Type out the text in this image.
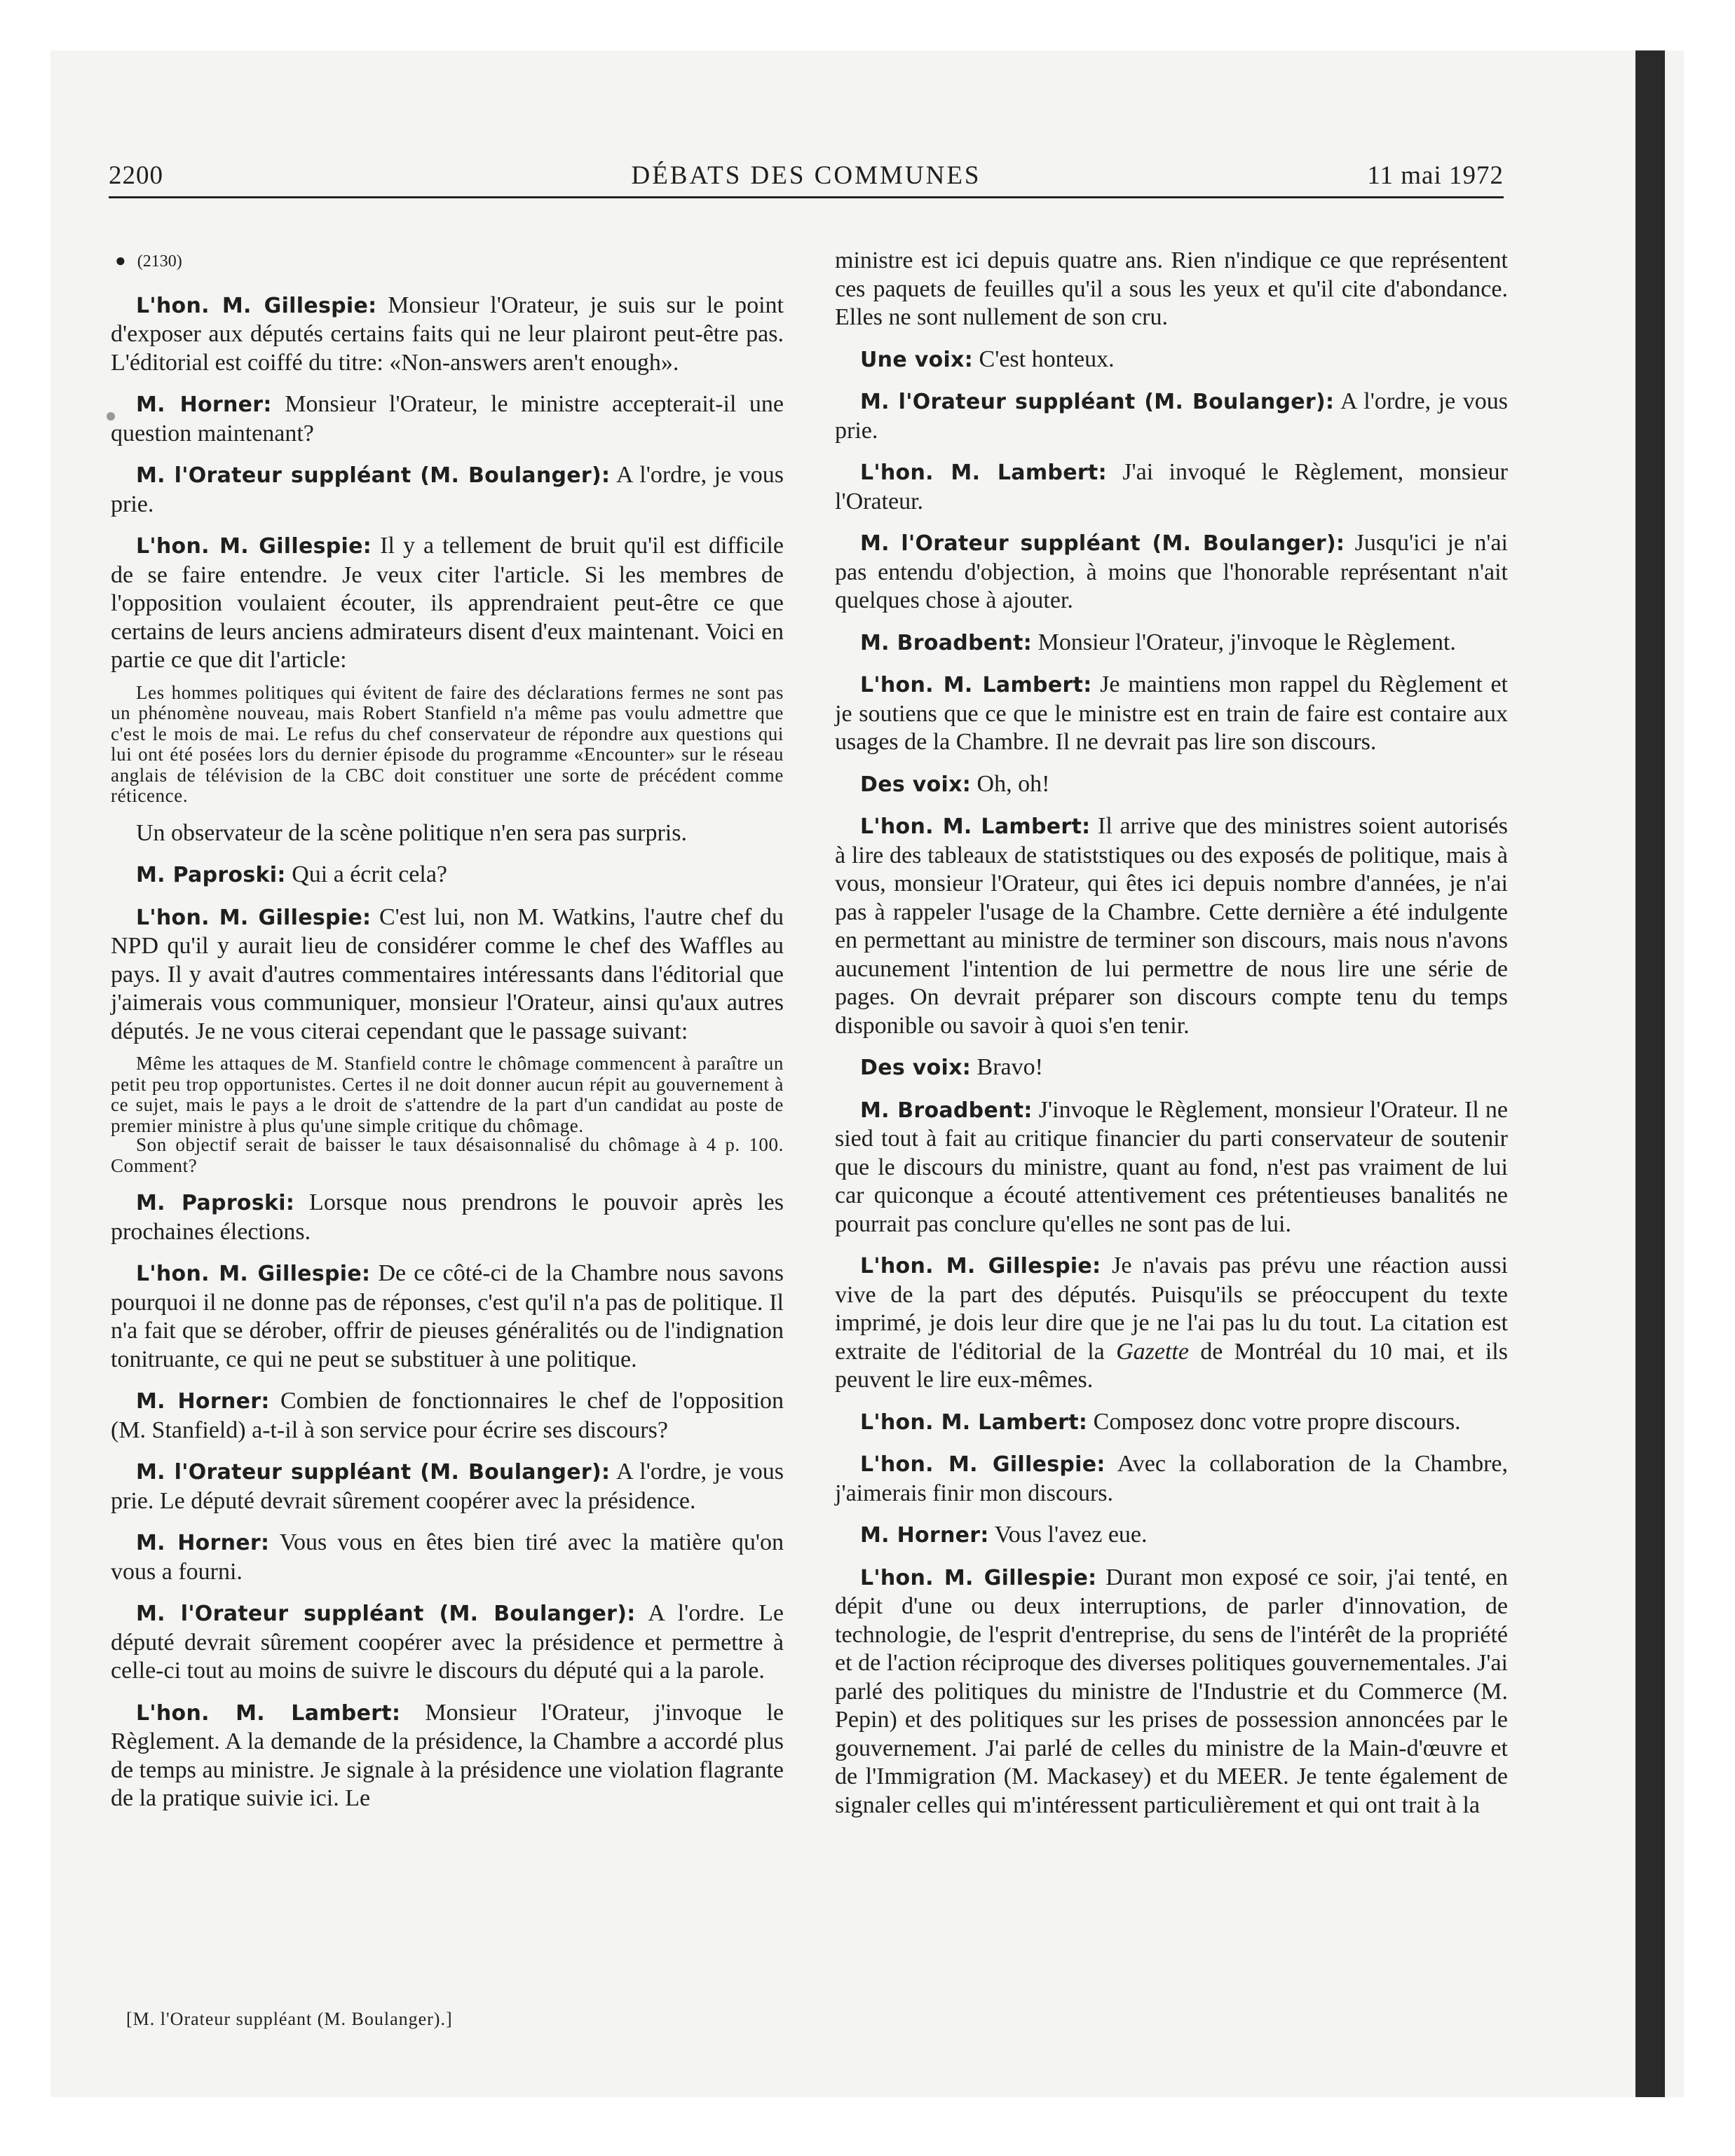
2200	DÉBATS DES COMMUNES	11 mai 1972

● (2130)

L'hon. M. Gillespie: Monsieur l'Orateur, je suis sur le point d'exposer aux députés certains faits qui ne leur plairont peut-être pas. L'éditorial est coiffé du titre: «Non-answers aren't enough».

M. Horner: Monsieur l'Orateur, le ministre accepterait-il une question maintenant?

M. l'Orateur suppléant (M. Boulanger): A l'ordre, je vous prie.

L'hon. M. Gillespie: Il y a tellement de bruit qu'il est difficile de se faire entendre. Je veux citer l'article. Si les membres de l'opposition voulaient écouter, ils apprendraient peut-être ce que certains de leurs anciens admirateurs disent d'eux maintenant. Voici en partie ce que dit l'article:

Les hommes politiques qui évitent de faire des déclarations fermes ne sont pas un phénomène nouveau, mais Robert Stanfield n'a même pas voulu admettre que c'est le mois de mai. Le refus du chef conservateur de répondre aux questions qui lui ont été posées lors du dernier épisode du programme «Encounter» sur le réseau anglais de télévision de la CBC doit constituer une sorte de précédent comme réticence.

Un observateur de la scène politique n'en sera pas surpris.

M. Paproski: Qui a écrit cela?

L'hon. M. Gillespie: C'est lui, non M. Watkins, l'autre chef du NPD qu'il y aurait lieu de considérer comme le chef des Waffles au pays. Il y avait d'autres commentaires intéressants dans l'éditorial que j'aimerais vous communiquer, monsieur l'Orateur, ainsi qu'aux autres députés. Je ne vous citerai cependant que le passage suivant:

Même les attaques de M. Stanfield contre le chômage commencent à paraître un petit peu trop opportunistes. Certes il ne doit donner aucun répit au gouvernement à ce sujet, mais le pays a le droit de s'attendre de la part d'un candidat au poste de premier ministre à plus qu'une simple critique du chômage.

Son objectif serait de baisser le taux désaisonnalisé du chômage à 4 p. 100. Comment?

M. Paproski: Lorsque nous prendrons le pouvoir après les prochaines élections.

L'hon. M. Gillespie: De ce côté-ci de la Chambre nous savons pourquoi il ne donne pas de réponses, c'est qu'il n'a pas de politique. Il n'a fait que se dérober, offrir de pieuses généralités ou de l'indignation tonitruante, ce qui ne peut se substituer à une politique.

M. Horner: Combien de fonctionnaires le chef de l'opposition (M. Stanfield) a-t-il à son service pour écrire ses discours?

M. l'Orateur suppléant (M. Boulanger): A l'ordre, je vous prie. Le député devrait sûrement coopérer avec la présidence.

M. Horner: Vous vous en êtes bien tiré avec la matière qu'on vous a fourni.

M. l'Orateur suppléant (M. Boulanger): A l'ordre. Le député devrait sûrement coopérer avec la présidence et permettre à celle-ci tout au moins de suivre le discours du député qui a la parole.

L'hon. M. Lambert: Monsieur l'Orateur, j'invoque le Règlement. A la demande de la présidence, la Chambre a accordé plus de temps au ministre. Je signale à la présidence une violation flagrante de la pratique suivie ici. Le

ministre est ici depuis quatre ans. Rien n'indique ce que représentent ces paquets de feuilles qu'il a sous les yeux et qu'il cite d'abondance. Elles ne sont nullement de son cru.

Une voix: C'est honteux.

M. l'Orateur suppléant (M. Boulanger): A l'ordre, je vous prie.

L'hon. M. Lambert: J'ai invoqué le Règlement, monsieur l'Orateur.

M. l'Orateur suppléant (M. Boulanger): Jusqu'ici je n'ai pas entendu d'objection, à moins que l'honorable représentant n'ait quelques chose à ajouter.

M. Broadbent: Monsieur l'Orateur, j'invoque le Règlement.

L'hon. M. Lambert: Je maintiens mon rappel du Règlement et je soutiens que ce que le ministre est en train de faire est contaire aux usages de la Chambre. Il ne devrait pas lire son discours.

Des voix: Oh, oh!

L'hon. M. Lambert: Il arrive que des ministres soient autorisés à lire des tableaux de statiststiques ou des exposés de politique, mais à vous, monsieur l'Orateur, qui êtes ici depuis nombre d'années, je n'ai pas à rappeler l'usage de la Chambre. Cette dernière a été indulgente en permettant au ministre de terminer son discours, mais nous n'avons aucunement l'intention de lui permettre de nous lire une série de pages. On devrait préparer son discours compte tenu du temps disponible ou savoir à quoi s'en tenir.

Des voix: Bravo!

M. Broadbent: J'invoque le Règlement, monsieur l'Orateur. Il ne sied tout à fait au critique financier du parti conservateur de soutenir que le discours du ministre, quant au fond, n'est pas vraiment de lui car quiconque a écouté attentivement ces prétentieuses banalités ne pourrait pas conclure qu'elles ne sont pas de lui.

L'hon. M. Gillespie: Je n'avais pas prévu une réaction aussi vive de la part des députés. Puisqu'ils se préoccupent du texte imprimé, je dois leur dire que je ne l'ai pas lu du tout. La citation est extraite de l'éditorial de la Gazette de Montréal du 10 mai, et ils peuvent le lire eux-mêmes.

L'hon. M. Lambert: Composez donc votre propre discours.

L'hon. M. Gillespie: Avec la collaboration de la Chambre, j'aimerais finir mon discours.

M. Horner: Vous l'avez eue.

L'hon. M. Gillespie: Durant mon exposé ce soir, j'ai tenté, en dépit d'une ou deux interruptions, de parler d'innovation, de technologie, de l'esprit d'entreprise, du sens de l'intérêt de la propriété et de l'action réciproque des diverses politiques gouvernementales. J'ai parlé des politiques du ministre de l'Industrie et du Commerce (M. Pepin) et des politiques sur les prises de possession annoncées par le gouvernement. J'ai parlé de celles du ministre de la Main-d'œuvre et de l'Immigration (M. Mackasey) et du MEER. Je tente également de signaler celles qui m'intéressent particulièrement et qui ont trait à la

[M. l'Orateur suppléant (M. Boulanger).]
